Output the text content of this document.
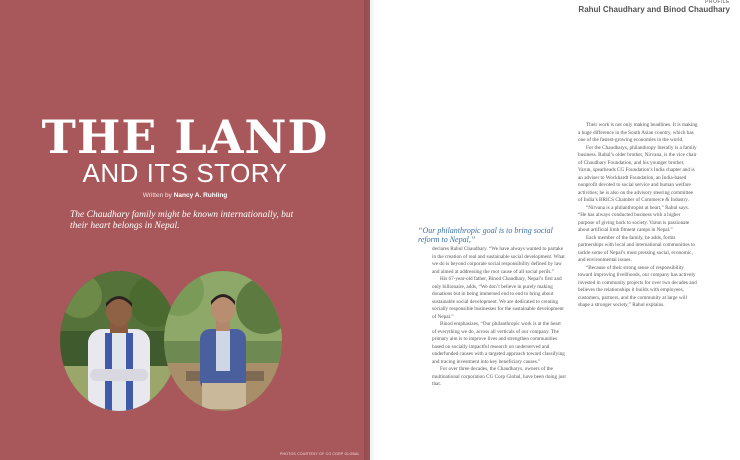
THE LAND
AND ITS STORY
Written by Nancy A. Ruhling
The Chaudhary family might be known internationally, but their heart belongs in Nepal.
PHOTOS COURTESY OF CG CORP GLOBAL
PROFILE
Rahul Chaudhary and Binod Chaudhary
“Our philanthropic goal is to bring social reform to Nepal,”

declares Rahul Chaudhary. “We have always wanted to partake in the creation of real and sustainable social development. What we do is beyond corporate social responsibility defined by law and aimed at addressing the root cause of all social perils.”

His 67-year-old father, Binod Chaudhary, Nepal’s first and only billionaire, adds, “We don’t believe in purely making donations but in being immersed end to end to bring about sustainable social development. We are dedicated to creating socially responsible businesses for the sustainable development of Nepal.”

Binod emphasizes, “Our philanthropic work is at the heart of everything we do, across all verticals of our company. The primary aim is to improve lives and strengthen communities based on socially impactful research on underserved and underfunded causes with a targeted approach toward classifying and tracing investment into key beneficiary causes.”

For over three decades, the Chaudharys, owners of the multinational corporation CG Corp Global, have been doing just that.

Their work is not only making headlines. It is making a huge difference in the South Asian country, which has one of the fastest-growing economies in the world.

For the Chaudharys, philanthropy literally is a family business. Rahul’s older brother, Nirvana, is the vice chair of Chaudhary Foundation, and his younger brother, Varun, spearheads CG Foundation’s India chapter and is an adviser to Wockhardt Foundation, an India-based nonprofit devoted to social service and human welfare activities; he is also on the advisory steering committee of India’s BRICS Chamber of Commerce & Industry.

“Nirvana is a philanthropist at heart,” Rahul says. “He has always conducted business with a higher purpose of giving back to society. Varun is passionate about artificial limb fitment camps in Nepal.”

Each member of the family, he adds, forms partnerships with local and international communities to tackle some of Nepal’s most pressing social, economic, and environmental issues.

“Because of their strong sense of responsibility toward improving livelihoods, our company has actively invested in community projects for over two decades and believes the relationships it builds with employees, customers, partners, and the community at large will shape a stronger society,” Rahul explains.
